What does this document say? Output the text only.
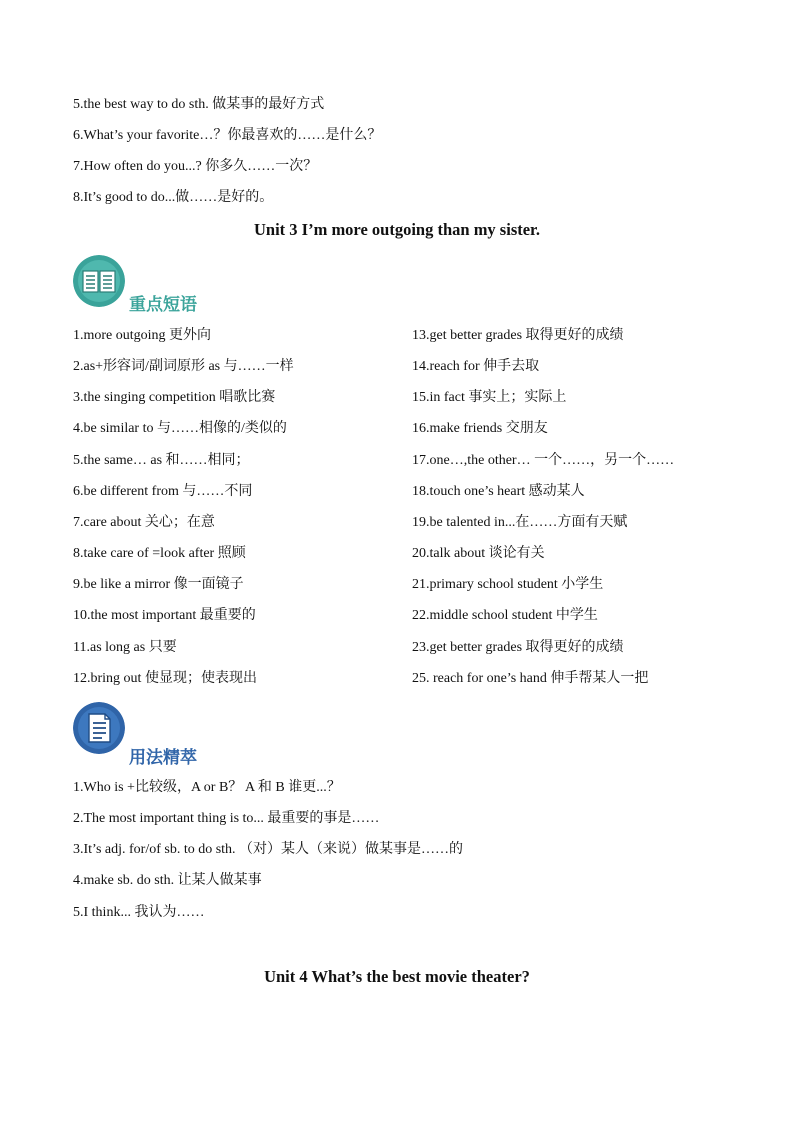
5.the best way to do sth. 做某事的最好方式
6.What’s your favorite…？你最喜欢的……是什么？
7.How often do you...? 你多久……一次？
8.It’s good to do...做……是好的。
Unit 3 I’m more outgoing than my sister.
重点短语
1.more outgoing 更外向
2.as+形容词/副词原形 as 与……一样
3.the singing competition 唱歌比赛
4.be similar to 与……相像的/类似的
5.the same… as 和……相同；
6.be different from 与……不同
7.care about 关心；在意
8.take care of =look after 照顾
9.be like a mirror 像一面镜子
10.the most important 最重要的
11.as long as 只要
12.bring out 使显现；使表现出
13.get better grades 取得更好的成绩
14.reach for 伸手去取
15.in fact 事实上；实际上
16.make friends 交朋友
17.one…,the other… 一个……，另一个……
18.touch one’s heart 感动某人
19.be talented in...在……方面有天赋
20.talk about 谈论有关
21.primary school student 小学生
22.middle school student 中学生
23.get better grades 取得更好的成绩
25. reach for one’s hand 伸手帮某人一把
用法精萃
1.Who is +比较级，A or B？ A 和 B 谁更...？
2.The most important thing is to... 最重要的事是……
3.It’s adj. for/of sb. to do sth. （对）某人（来说）做某事是……的
4.make sb. do sth. 让某人做某事
5.I think... 我认为……
Unit 4 What’s the best movie theater?
